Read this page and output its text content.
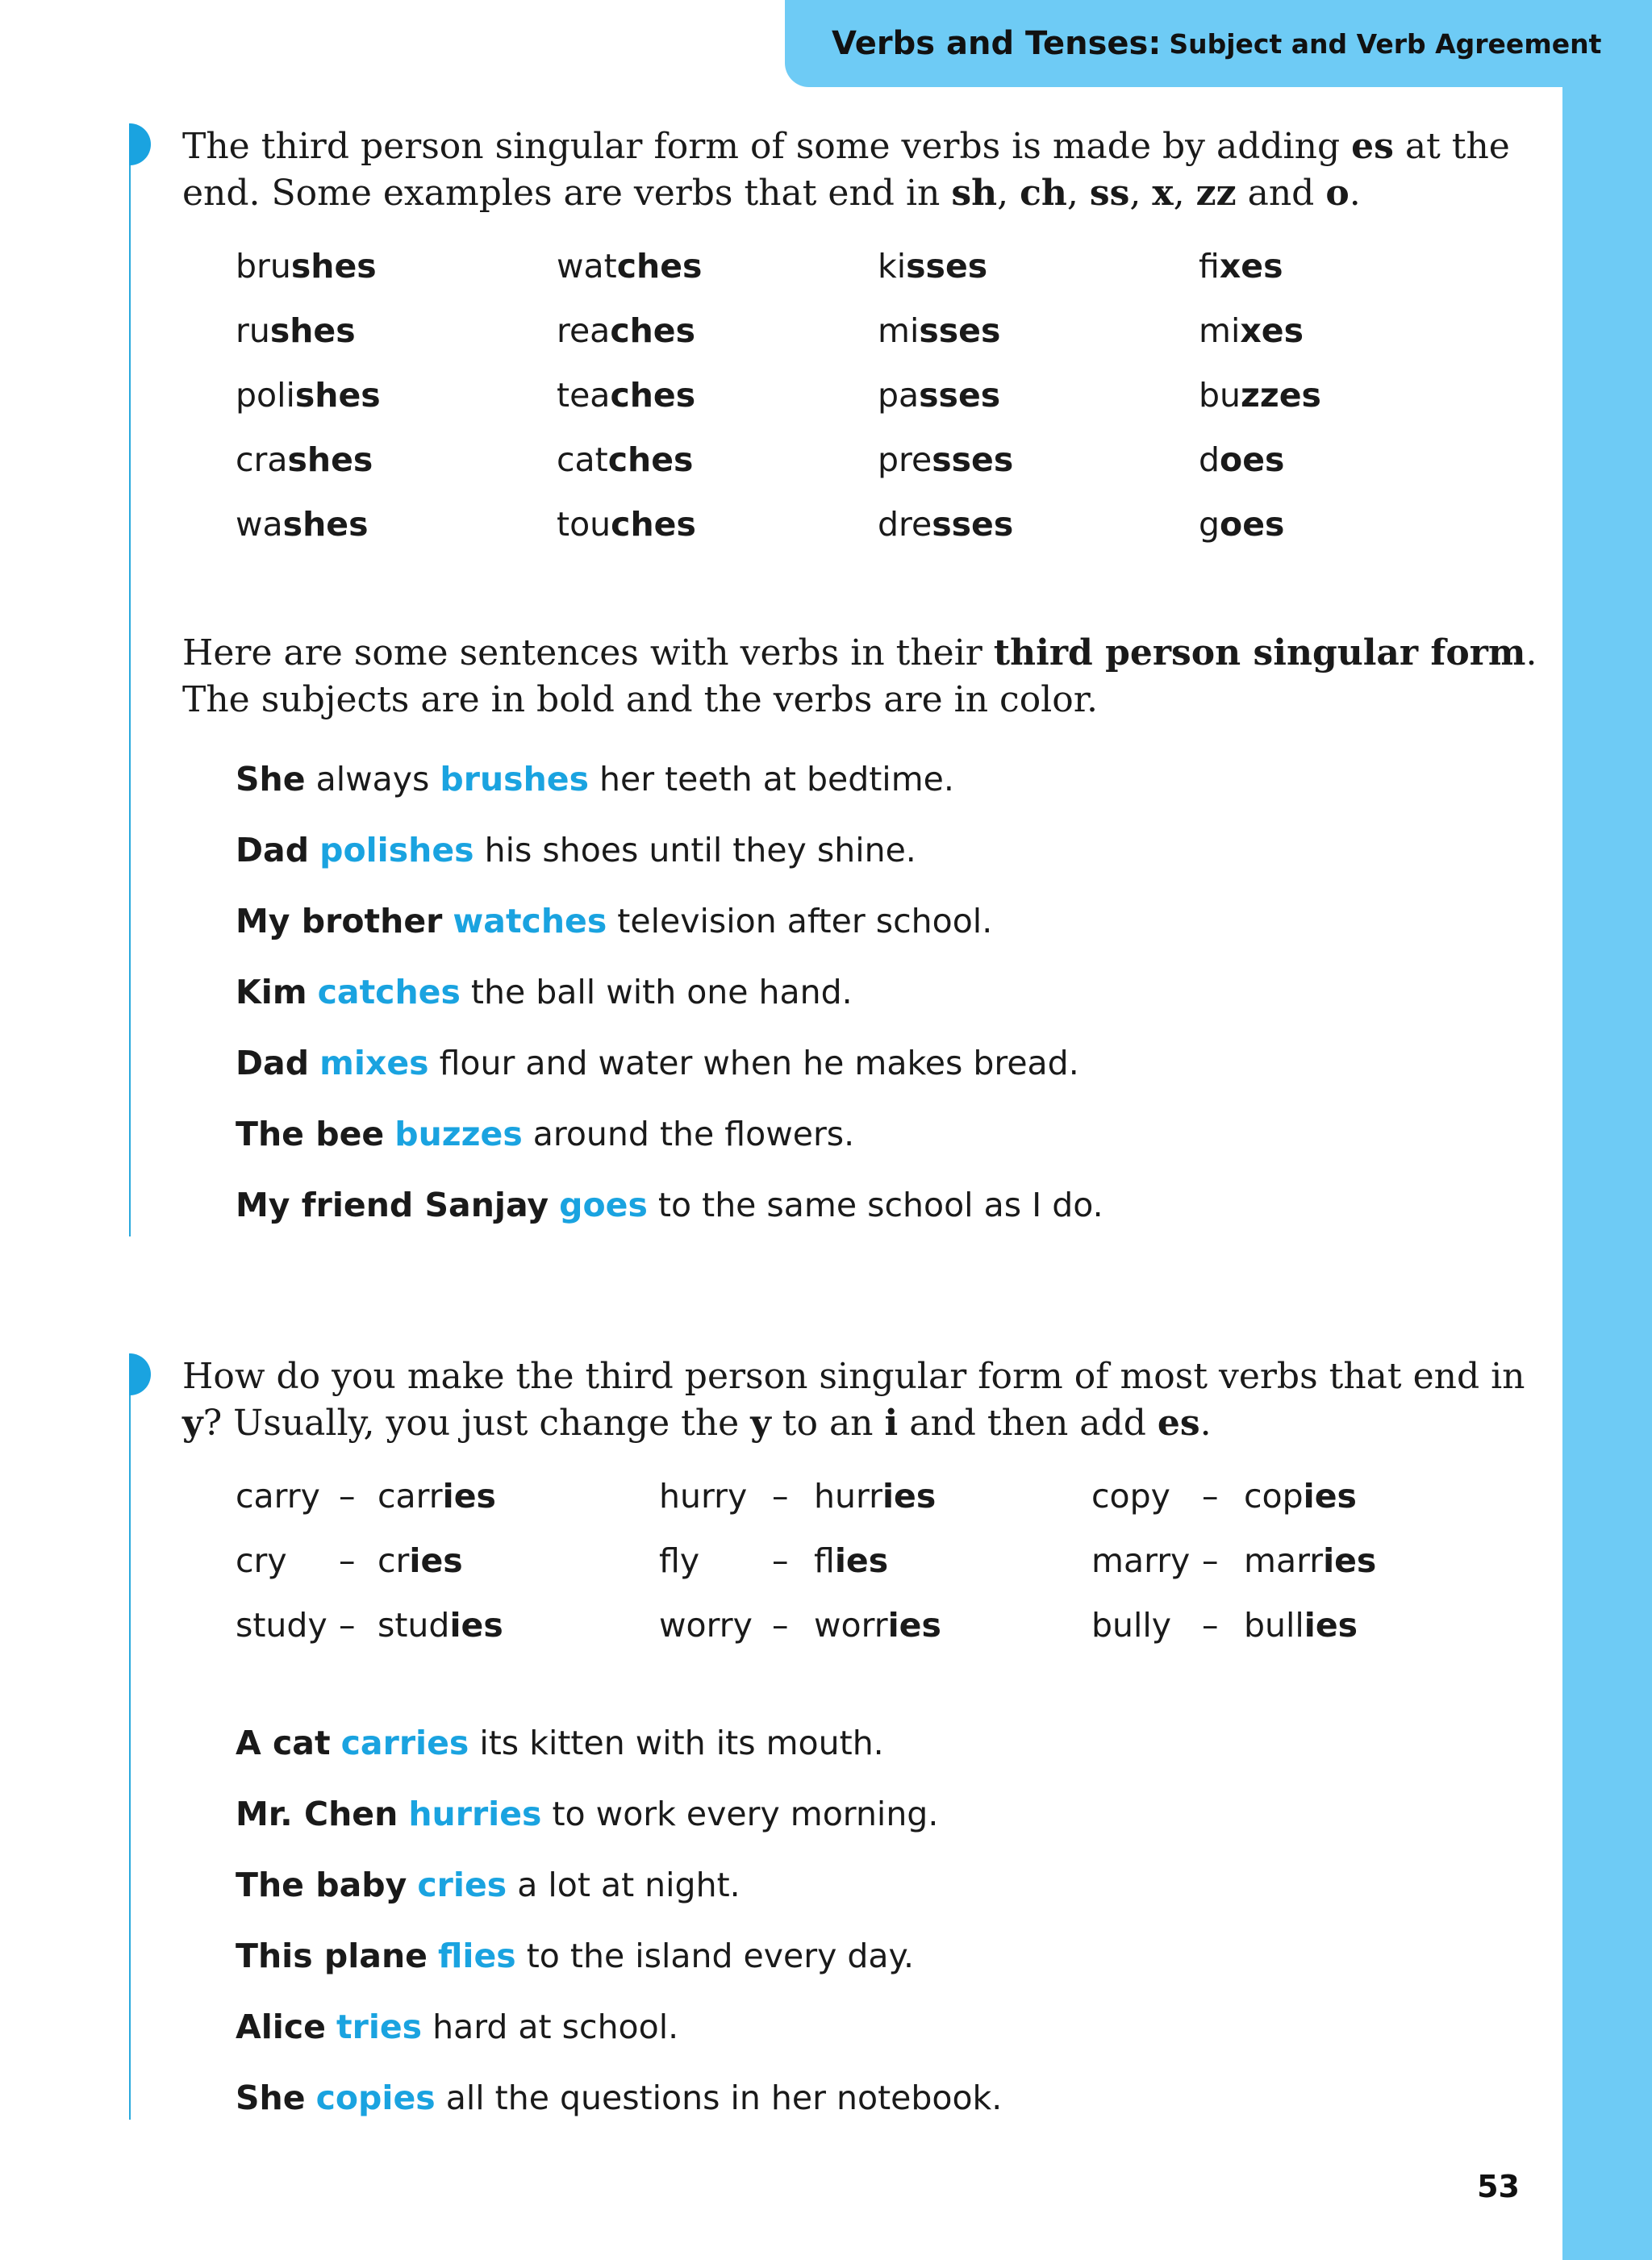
Verbs and Tenses: Subject and Verb Agreement

The third person singular form of some verbs is made by adding es at the end. Some examples are verbs that end in sh, ch, ss, x, zz and o.

brushes	watches	kisses	fixes
rushes	reaches	misses	mixes
polishes	teaches	passes	buzzes
crashes	catches	presses	does
washes	touches	dresses	goes

Here are some sentences with verbs in their third person singular form. The subjects are in bold and the verbs are in color.

She always brushes her teeth at bedtime.
Dad polishes his shoes until they shine.
My brother watches television after school.
Kim catches the ball with one hand.
Dad mixes flour and water when he makes bread.
The bee buzzes around the flowers.
My friend Sanjay goes to the same school as I do.

How do you make the third person singular form of most verbs that end in y? Usually, you just change the y to an i and then add es.

carry – carries	hurry – hurries	copy – copies
cry – cries	fly – flies	marry – marries
study – studies	worry – worries	bully – bullies
A cat carries its kitten with its mouth.
Mr. Chen hurries to work every morning.
The baby cries a lot at night.
This plane flies to the island every day.
Alice tries hard at school.
She copies all the questions in her notebook.
53
